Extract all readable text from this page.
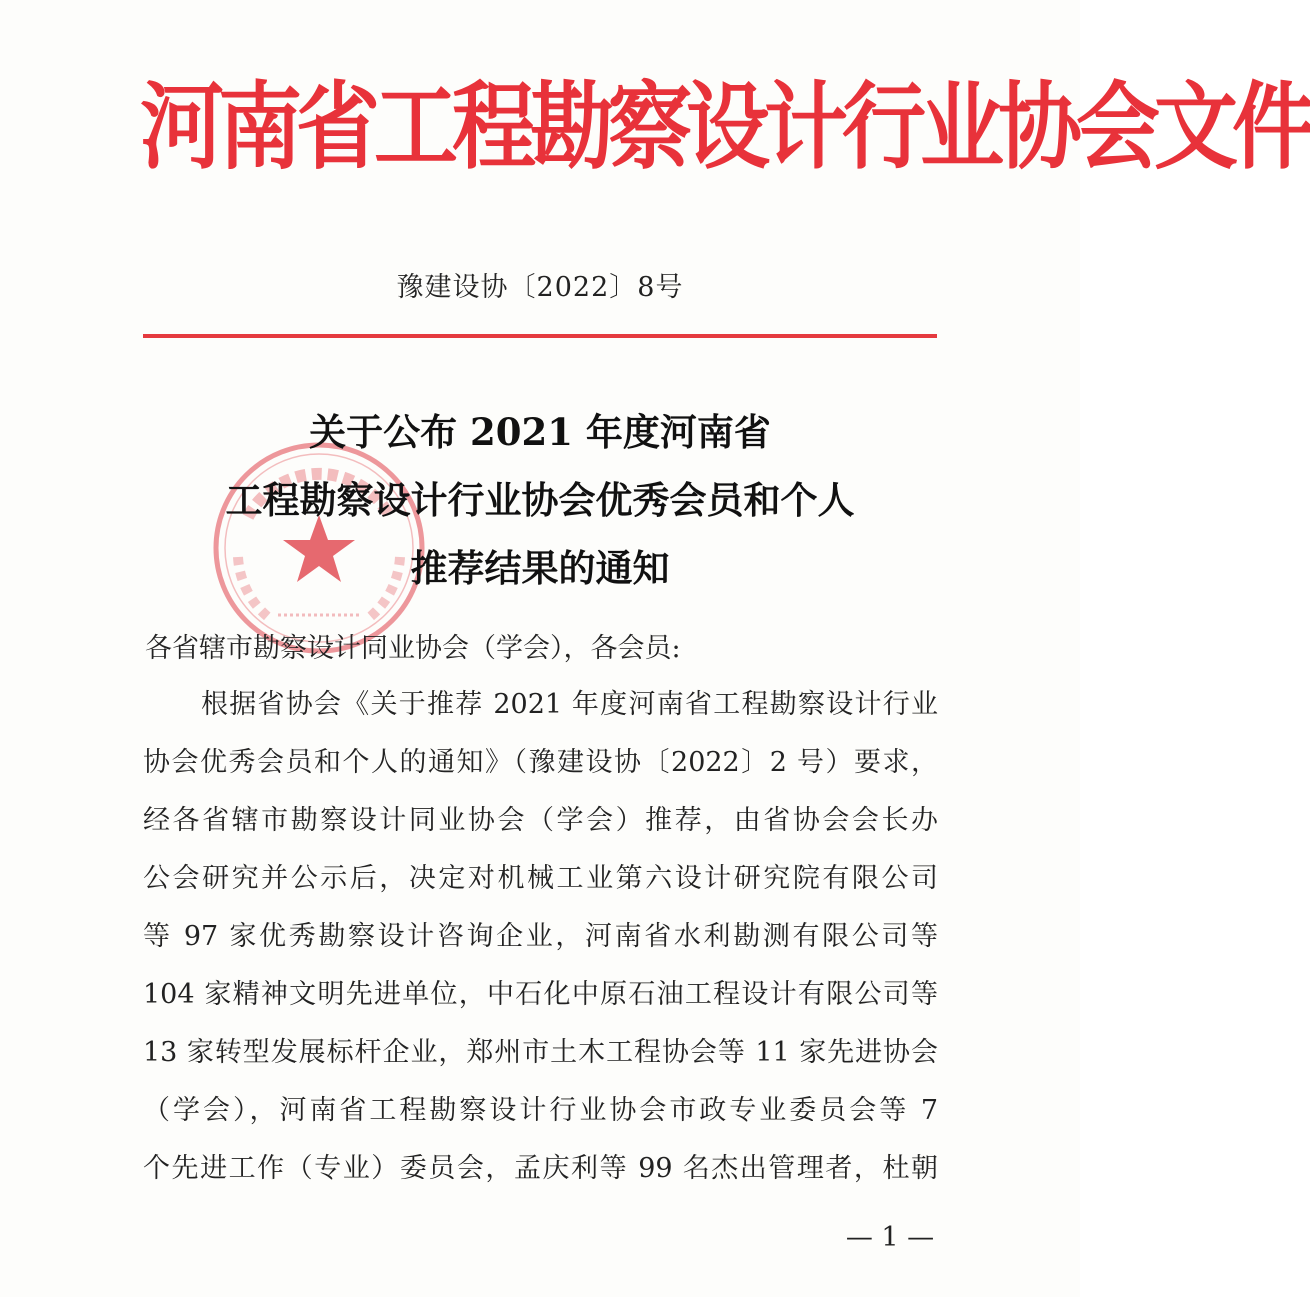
河南省工程勘察设计行业协会文件
豫建设协〔2022〕8号
关于公布 2021 年度河南省
工程勘察设计行业协会优秀会员和个人
推荐结果的通知
各省辖市勘察设计同业协会（学会），各会员:
根据省协会《关于推荐 2021 年度河南省工程勘察设计行业
协会优秀会员和个人的通知》（豫建设协〔2022〕2 号）要求，
经各省辖市勘察设计同业协会（学会）推荐，由省协会会长办
公会研究并公示后，决定对机械工业第六设计研究院有限公司
等 97 家优秀勘察设计咨询企业，河南省水利勘测有限公司等
104 家精神文明先进单位，中石化中原石油工程设计有限公司等
13 家转型发展标杆企业，郑州市土木工程协会等 11 家先进协会
（学会），河南省工程勘察设计行业协会市政专业委员会等 7
个先进工作（专业）委员会，孟庆利等 99 名杰出管理者，杜朝
— 1 —
